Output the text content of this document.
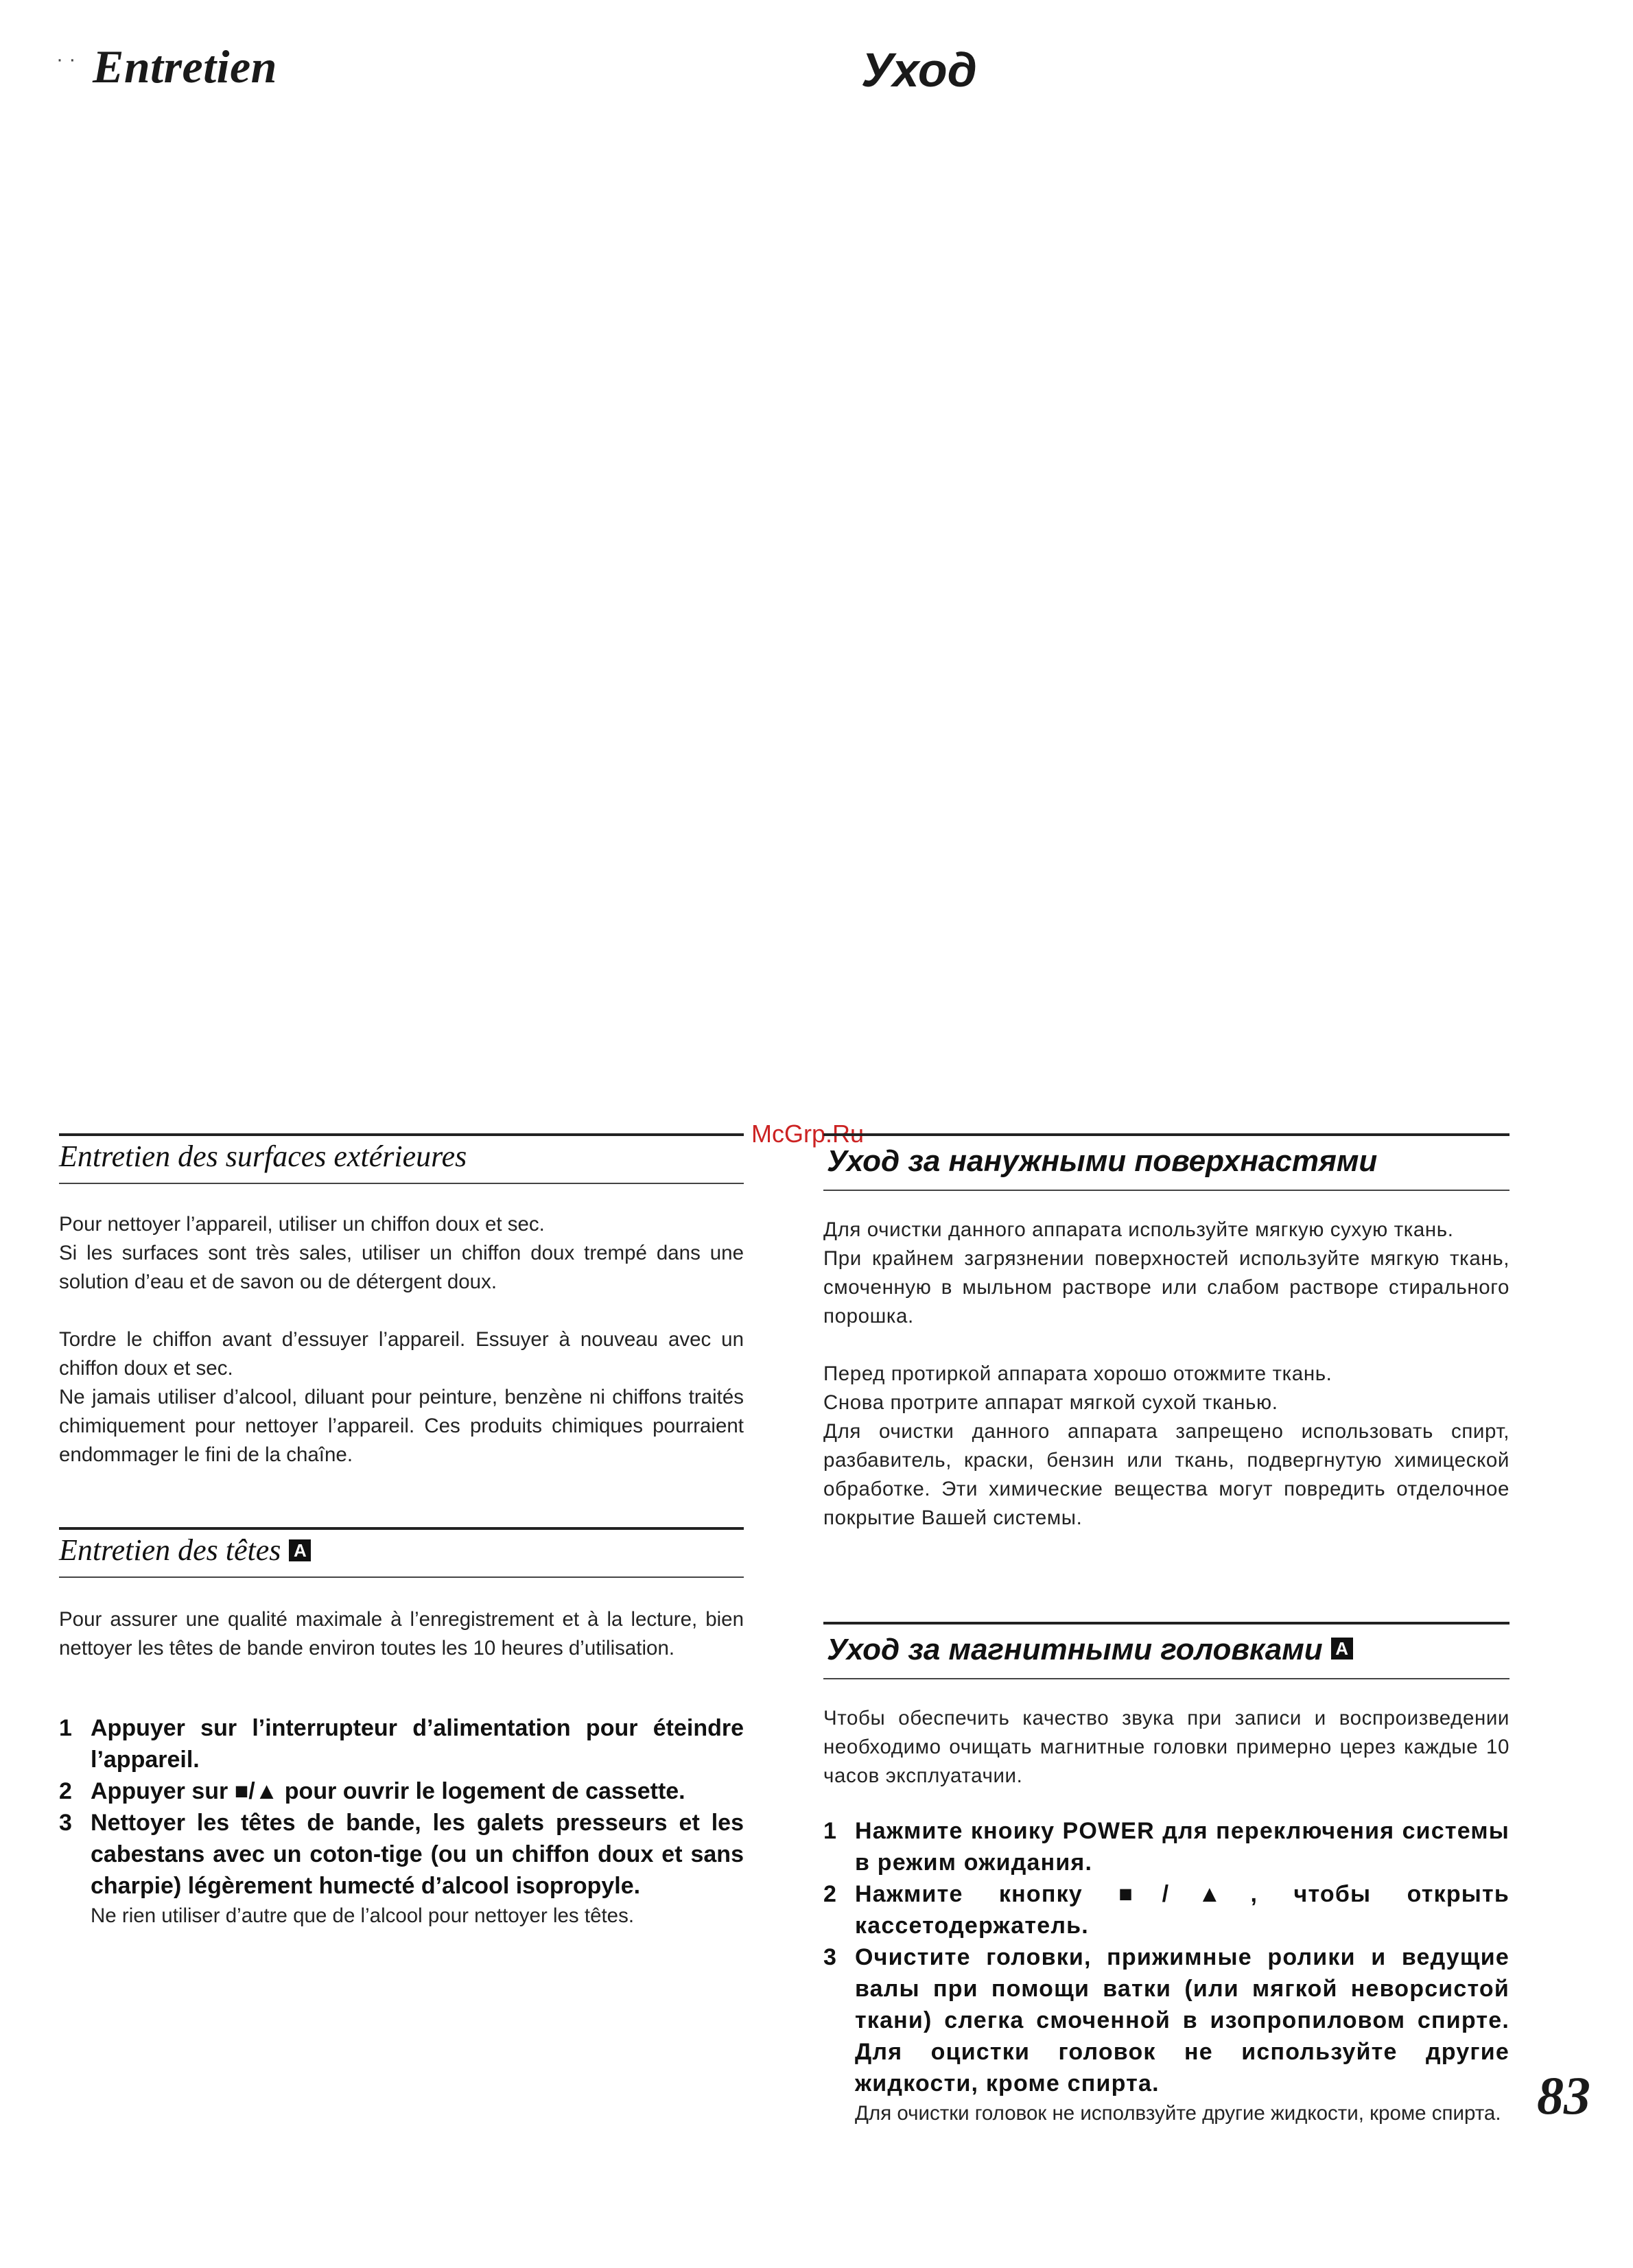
· · Entretien	Уход
McGrp.Ru
Entretien des surfaces extérieures

Pour nettoyer l’appareil, utiliser un chiffon doux et sec.

Si les surfaces sont très sales, utiliser un chiffon doux trempé dans une solution d’eau et de savon ou de détergent doux.

Tordre le chiffon avant d’essuyer l’appareil. Essuyer à nouveau avec un chiffon doux et sec.

Ne jamais utiliser d’alcool, diluant pour peinture, benzène ni chiffons traités chimiquement pour nettoyer l’appareil. Ces produits chimiques pourraient endommager le fini de la chaîne.

Entretien des têtes A
Pour assurer une qualité maximale à l’enregistrement et à la lecture, bien nettoyer les têtes de bande environ toutes les 10 heures d’utilisation.
1 Appuyer sur l’interrupteur d’alimentation pour éteindre l’appareil.
2 Appuyer sur ■/▲ pour ouvrir le logement de cassette.
3 Nettoyer les têtes de bande, les galets presseurs et les cabestans avec un coton-tige (ou un chiffon doux et sans charpie) légèrement humecté d’alcool isopropyle.
Ne rien utiliser d’autre que de l’alcool pour nettoyer les têtes.
Уход за нанужными поверхнастями

Для очистки данного аппарата используйте мягкую сухую ткань.

При крайнем загрязнении поверхностей используйте мягкую ткань, смоченную в мыльном растворе или слабом растворе стирального порошка.

Перед протиркой аппарата хорошо отожмите ткань.

Снова протрите аппарат мягкой сухой тканью.

Для очистки данного аппарата запрещено использовать спирт, разбавитель, краски, бензин или ткань, подвергнутую химицеской обработке. Эти химические вещества могут повредить отделочное покрытие Вашей системы.

Уход за магнитными головками A
Чтобы обеспечить качество звука при записи и воспроизведении необходимо очищать магнитные головки примерно церез каждые 10 часов эксплуатачии.
1 Нажмите кноику POWER для переключения системы в режим ожидания.
2 Нажмите кнопку ■/▲, чтобы открыть кассетодержатель.
3 Очистите головки, прижимные ролики и ведущие валы при помощи ватки (или мягкой неворсистой ткани) слегка смоченной в изопропиловом спирте. Для оцистки головок не используйте другие жидкости, кроме спирта.
Для очистки головок не исполвзуйте другие жидкости, кроме спирта. 83
